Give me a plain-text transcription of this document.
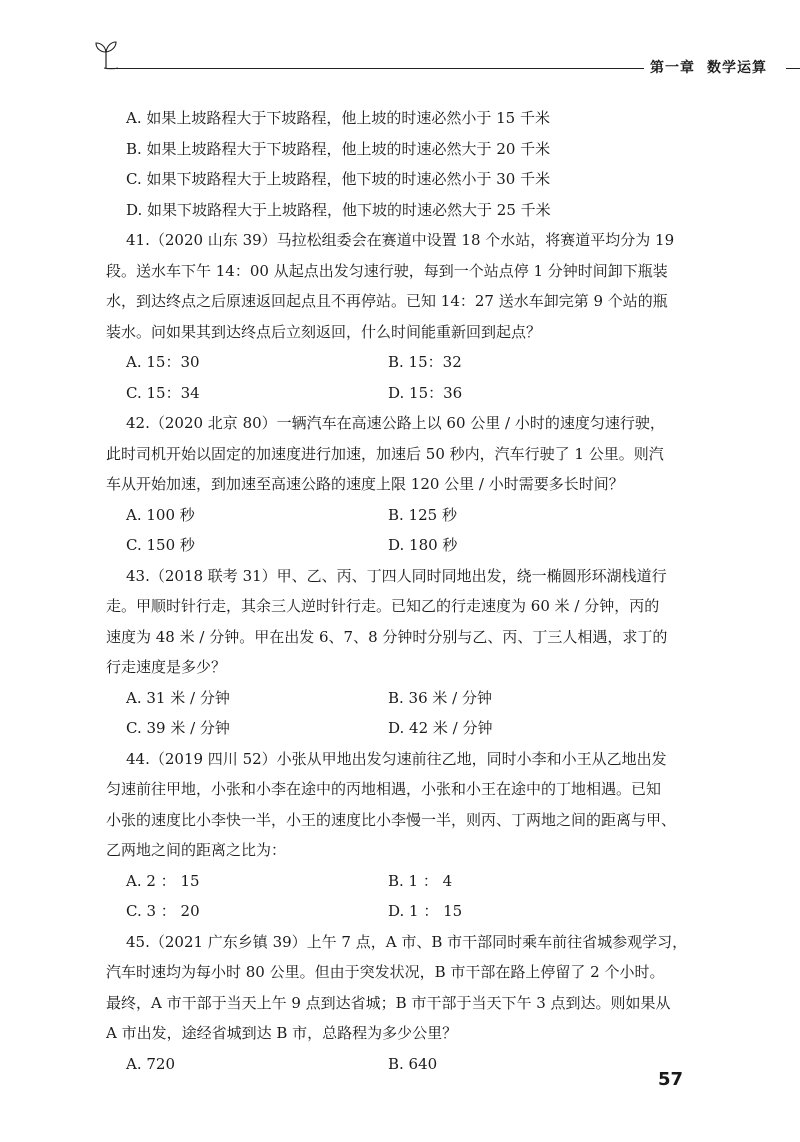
第一章 数学运算
A. 如果上坡路程大于下坡路程，他上坡的时速必然小于 15 千米
B. 如果上坡路程大于下坡路程，他上坡的时速必然大于 20 千米
C. 如果下坡路程大于上坡路程，他下坡的时速必然小于 30 千米
D. 如果下坡路程大于上坡路程，他下坡的时速必然大于 25 千米
41.（2020 山东 39）马拉松组委会在赛道中设置 18 个水站，将赛道平均分为 19
段。送水车下午 14：00 从起点出发匀速行驶，每到一个站点停 1 分钟时间卸下瓶装
水，到达终点之后原速返回起点且不再停站。已知 14：27 送水车卸完第 9 个站的瓶
装水。问如果其到达终点后立刻返回，什么时间能重新回到起点？
A. 15：30	B. 15：32
C. 15：34	D. 15：36
42.（2020 北京 80）一辆汽车在高速公路上以 60 公里 / 小时的速度匀速行驶，
此时司机开始以固定的加速度进行加速，加速后 50 秒内，汽车行驶了 1 公里。则汽
车从开始加速，到加速至高速公路的速度上限 120 公里 / 小时需要多长时间？
A. 100 秒	B. 125 秒
C. 150 秒	D. 180 秒
43.（2018 联考 31）甲、乙、丙、丁四人同时同地出发，绕一椭圆形环湖栈道行
走。甲顺时针行走，其余三人逆时针行走。已知乙的行走速度为 60 米 / 分钟，丙的
速度为 48 米 / 分钟。甲在出发 6、7、8 分钟时分别与乙、丙、丁三人相遇，求丁的
行走速度是多少？
A. 31 米 / 分钟	B. 36 米 / 分钟
C. 39 米 / 分钟	D. 42 米 / 分钟
44.（2019 四川 52）小张从甲地出发匀速前往乙地，同时小李和小王从乙地出发
匀速前往甲地，小张和小李在途中的丙地相遇，小张和小王在途中的丁地相遇。已知
小张的速度比小李快一半，小王的速度比小李慢一半，则丙、丁两地之间的距离与甲、
乙两地之间的距离之比为：
A. 2 ： 15	B. 1 ： 4
C. 3 ： 20	D. 1 ： 15
45.（2021 广东乡镇 39）上午 7 点，A 市、B 市干部同时乘车前往省城参观学习，
汽车时速均为每小时 80 公里。但由于突发状况，B 市干部在路上停留了 2 个小时。
最终，A 市干部于当天上午 9 点到达省城；B 市干部于当天下午 3 点到达。则如果从
A 市出发，途经省城到达 B 市，总路程为多少公里？
A. 720	B. 640
57
